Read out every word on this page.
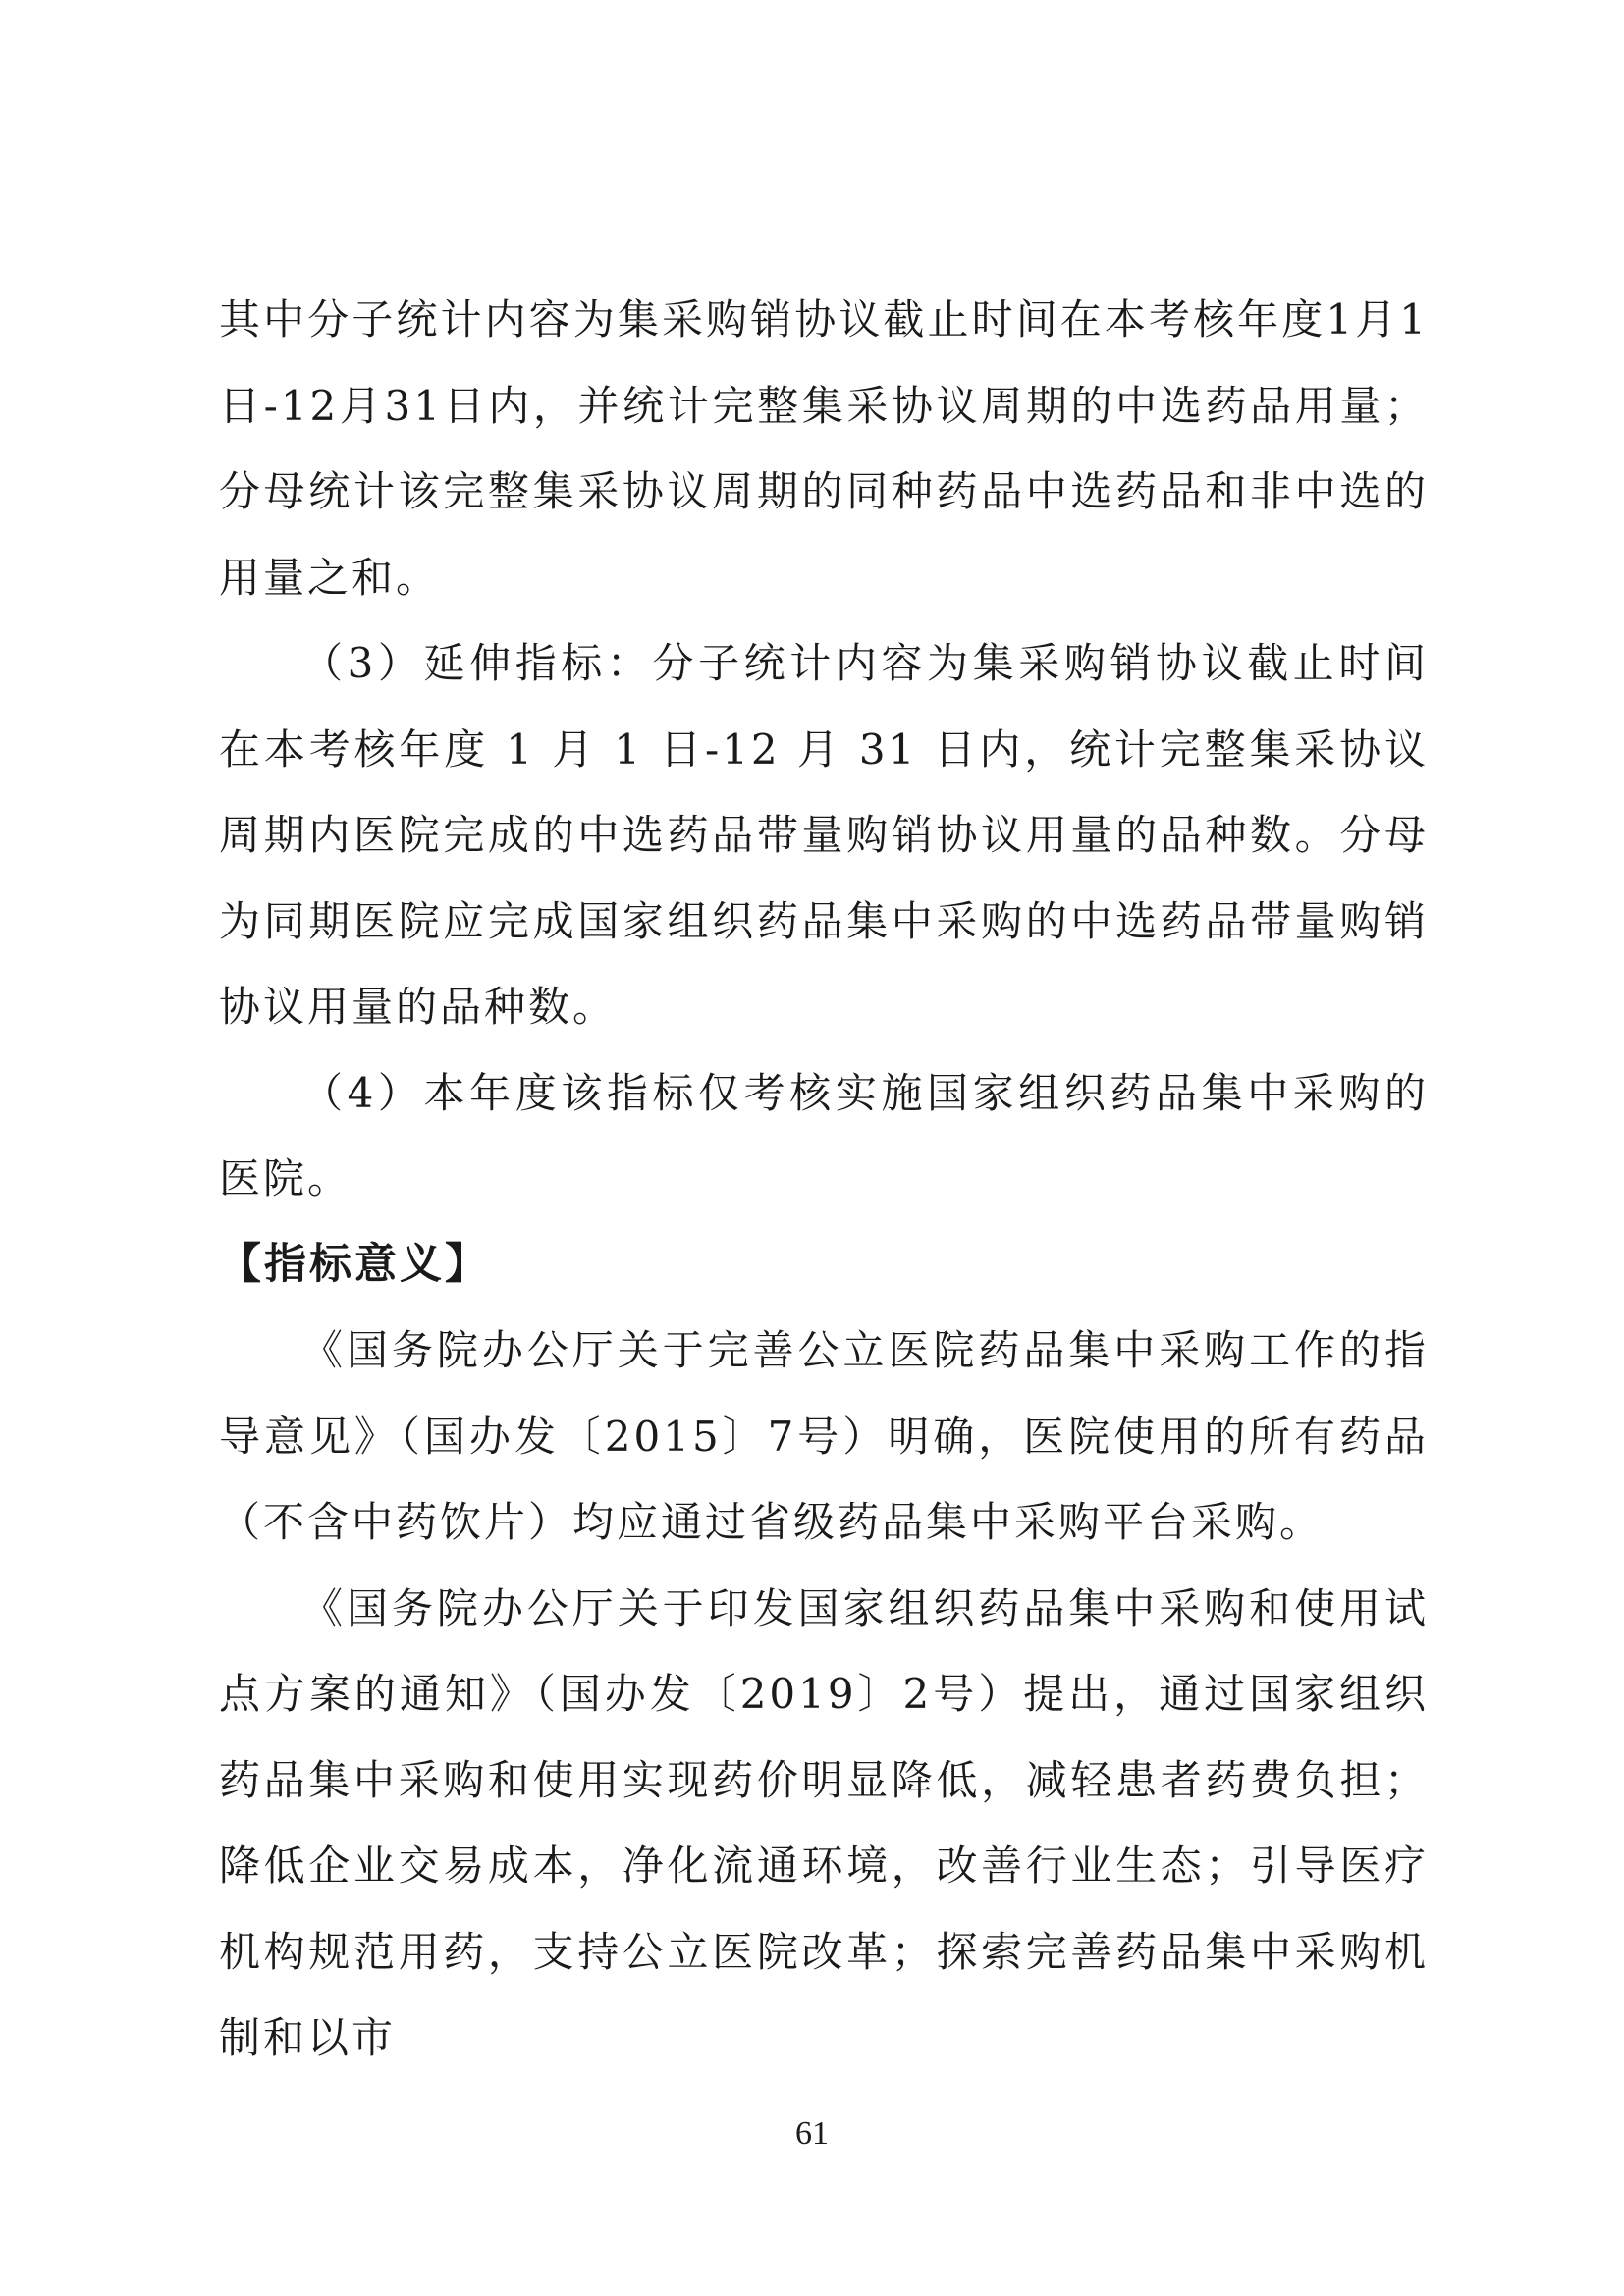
其中分子统计内容为集采购销协议截止时间在本考核年度1月1日-12月31日内，并统计完整集采协议周期的中选药品用量；分母统计该完整集采协议周期的同种药品中选药品和非中选的用量之和。

（3）延伸指标：分子统计内容为集采购销协议截止时间在本考核年度 1 月 1 日-12 月 31 日内，统计完整集采协议周期内医院完成的中选药品带量购销协议用量的品种数。分母为同期医院应完成国家组织药品集中采购的中选药品带量购销协议用量的品种数。

（4）本年度该指标仅考核实施国家组织药品集中采购的医院。

【指标意义】

《国务院办公厅关于完善公立医院药品集中采购工作的指导意见》（国办发〔2015〕7号）明确，医院使用的所有药品（不含中药饮片）均应通过省级药品集中采购平台采购。

《国务院办公厅关于印发国家组织药品集中采购和使用试点方案的通知》（国办发〔2019〕2号）提出，通过国家组织药品集中采购和使用实现药价明显降低，减轻患者药费负担；降低企业交易成本，净化流通环境，改善行业生态；引导医疗机构规范用药，支持公立医院改革；探索完善药品集中采购机制和以市

61
